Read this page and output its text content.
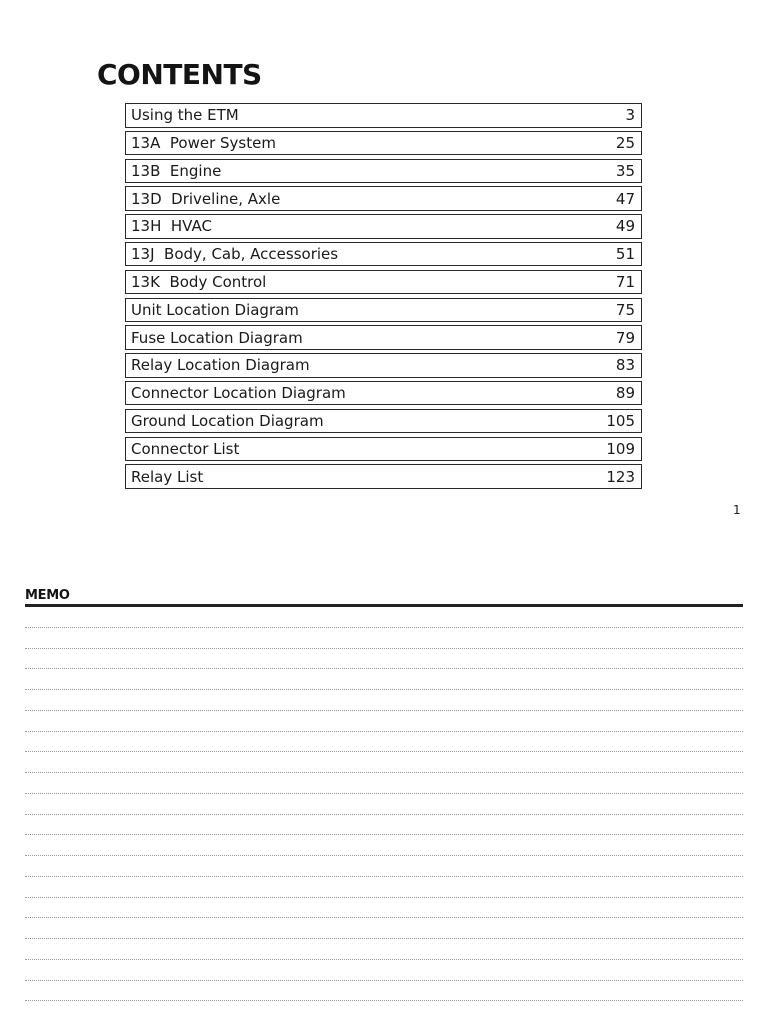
CONTENTS
Using the ETM	3
13A  Power System	25
13B  Engine	35
13D  Driveline, Axle	47
13H  HVAC	49
13J  Body, Cab, Accessories	51
13K  Body Control	71
Unit Location Diagram	75
Fuse Location Diagram	79
Relay Location Diagram	83
Connector Location Diagram	89
Ground Location Diagram	105
Connector List	109
Relay List	123
1
MEMO
